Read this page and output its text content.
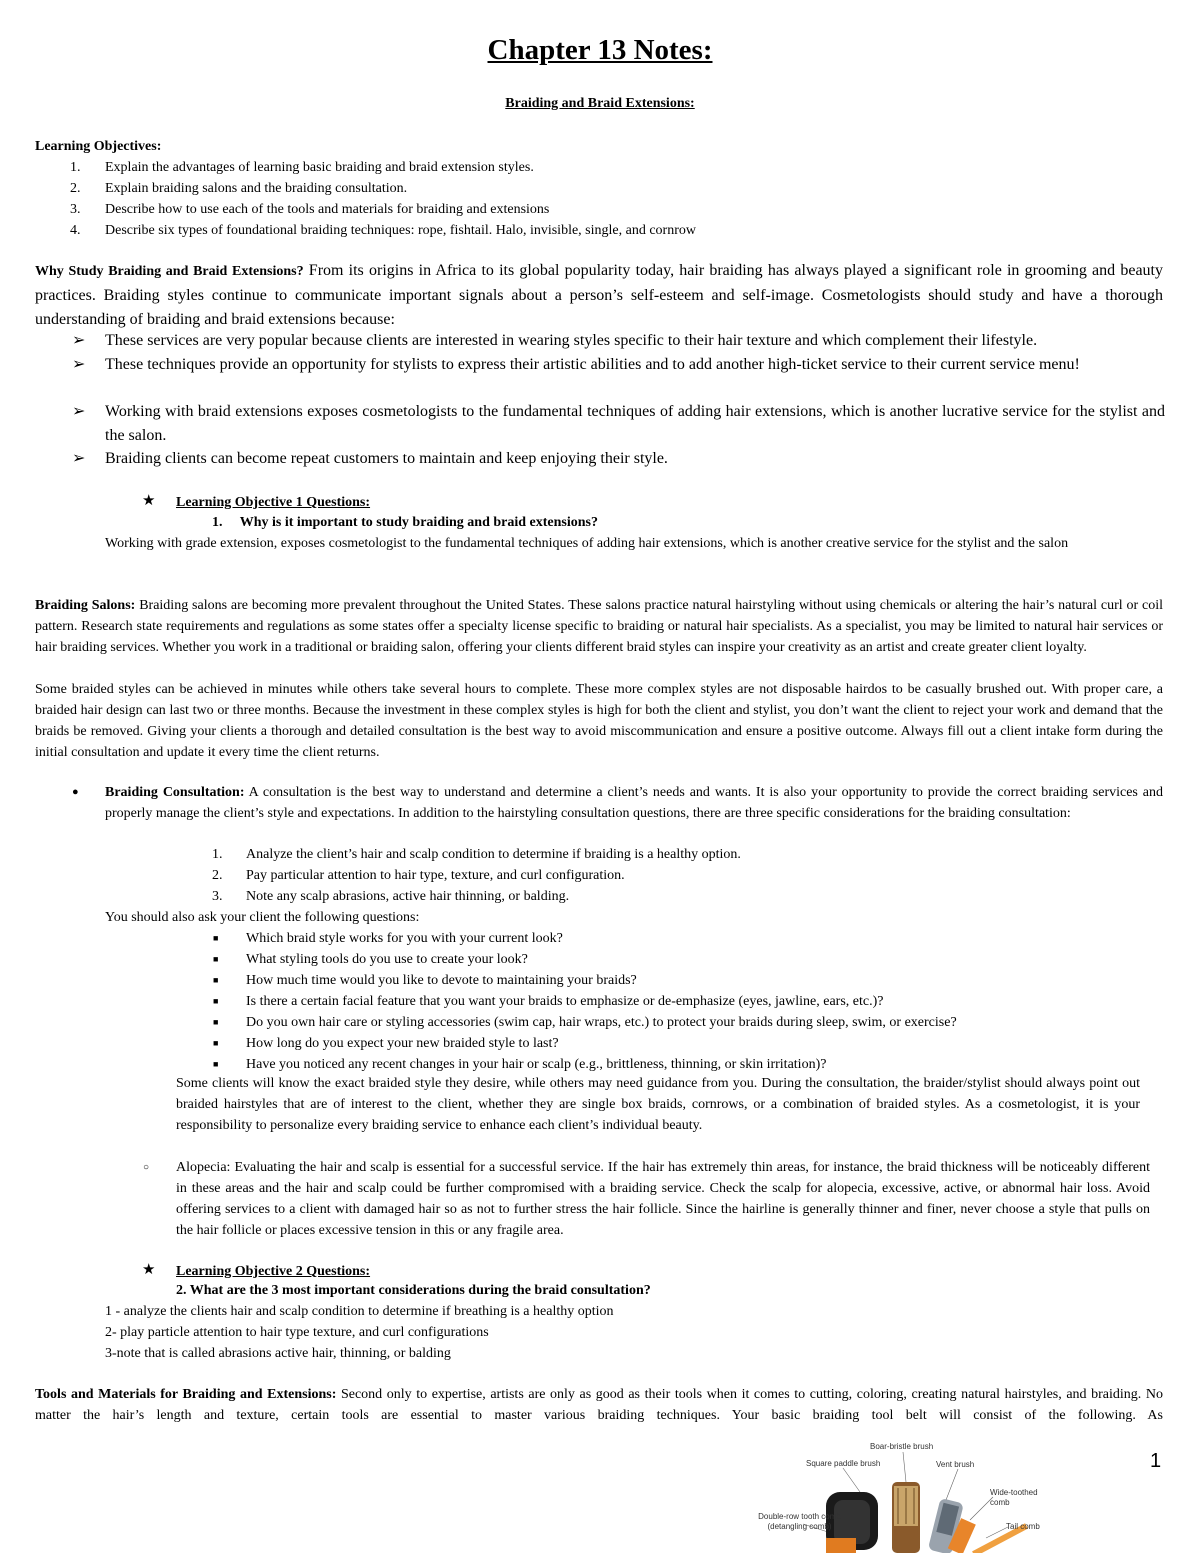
Chapter 13 Notes:
Braiding and Braid Extensions:
Learning Objectives:
1. Explain the advantages of learning basic braiding and braid extension styles.
2. Explain braiding salons and the braiding consultation.
3. Describe how to use each of the tools and materials for braiding and extensions
4. Describe six types of foundational braiding techniques: rope, fishtail. Halo, invisible, single, and cornrow
Why Study Braiding and Braid Extensions? From its origins in Africa to its global popularity today, hair braiding has always played a significant role in grooming and beauty practices. Braiding styles continue to communicate important signals about a person’s self-esteem and self-image. Cosmetologists should study and have a thorough understanding of braiding and braid extensions because:
➢ These services are very popular because clients are interested in wearing styles specific to their hair texture and which complement their lifestyle.
➢ These techniques provide an opportunity for stylists to express their artistic abilities and to add another high-ticket service to their current service menu!
➢ Working with braid extensions exposes cosmetologists to the fundamental techniques of adding hair extensions, which is another lucrative service for the stylist and the salon.
➢ Braiding clients can become repeat customers to maintain and keep enjoying their style.
★ Learning Objective 1 Questions:
1.     Why is it important to study braiding and braid extensions?
Working with grade extension, exposes cosmetologist to the fundamental techniques of adding hair extensions, which is another creative service for the stylist and the salon
Braiding Salons: Braiding salons are becoming more prevalent throughout the United States. These salons practice natural hairstyling without using chemicals or altering the hair’s natural curl or coil pattern. Research state requirements and regulations as some states offer a specialty license specific to braiding or natural hair specialists. As a specialist, you may be limited to natural hair services or hair braiding services. Whether you work in a traditional or braiding salon, offering your clients different braid styles can inspire your creativity as an artist and create greater client loyalty.
Some braided styles can be achieved in minutes while others take several hours to complete. These more complex styles are not disposable hairdos to be casually brushed out. With proper care, a braided hair design can last two or three months. Because the investment in these complex styles is high for both the client and stylist, you don’t want the client to reject your work and demand that the braids be removed. Giving your clients a thorough and detailed consultation is the best way to avoid miscommunication and ensure a positive outcome. Always fill out a client intake form during the initial consultation and update it every time the client returns.
● Braiding Consultation: A consultation is the best way to understand and determine a client’s needs and wants. It is also your opportunity to provide the correct braiding services and properly manage the client’s style and expectations. In addition to the hairstyling consultation questions, there are three specific considerations for the braiding consultation:
1. Analyze the client’s hair and scalp condition to determine if braiding is a healthy option.
2. Pay particular attention to hair type, texture, and curl configuration.
3. Note any scalp abrasions, active hair thinning, or balding.
You should also ask your client the following questions:
■ Which braid style works for you with your current look?
■ What styling tools do you use to create your look?
■ How much time would you like to devote to maintaining your braids?
■ Is there a certain facial feature that you want your braids to emphasize or de-emphasize (eyes, jawline, ears, etc.)?
■ Do you own hair care or styling accessories (swim cap, hair wraps, etc.) to protect your braids during sleep, swim, or exercise?
■ How long do you expect your new braided style to last?
■ Have you noticed any recent changes in your hair or scalp (e.g., brittleness, thinning, or skin irritation)?
Some clients will know the exact braided style they desire, while others may need guidance from you. During the consultation, the braider/stylist should always point out braided hairstyles that are of interest to the client, whether they are single box braids, cornrows, or a combination of braided styles. As a cosmetologist, it is your responsibility to personalize every braiding service to enhance each client’s individual beauty.
○ Alopecia: Evaluating the hair and scalp is essential for a successful service. If the hair has extremely thin areas, for instance, the braid thickness will be noticeably different in these areas and the hair and scalp could be further compromised with a braiding service. Check the scalp for alopecia, excessive, active, or abnormal hair loss. Avoid offering services to a client with damaged hair so as not to further stress the hair follicle. Since the hairline is generally thinner and finer, never choose a style that pulls on the hair follicle or places excessive tension in this or any fragile area.
★ Learning Objective 2 Questions:
2. What are the 3 most important considerations during the braid consultation?
1 - analyze the clients hair and scalp condition to determine if breathing is a healthy option
2- play particle attention to hair type texture, and curl configurations
3-note that is called abrasions active hair, thinning, or balding
Tools and Materials for Braiding and Extensions: Second only to expertise, artists are only as good as their tools when it comes to cutting, coloring, creating natural hairstyles, and braiding. No matter the hair’s length and texture, certain tools are essential to master various braiding techniques. Your basic braiding tool belt will consist of the following. As
1
Boar-bristle brush
Square paddle brush	Vent brush
Wide-toothed comb
Double-row tooth comb (detangling comb)	Tail comb
